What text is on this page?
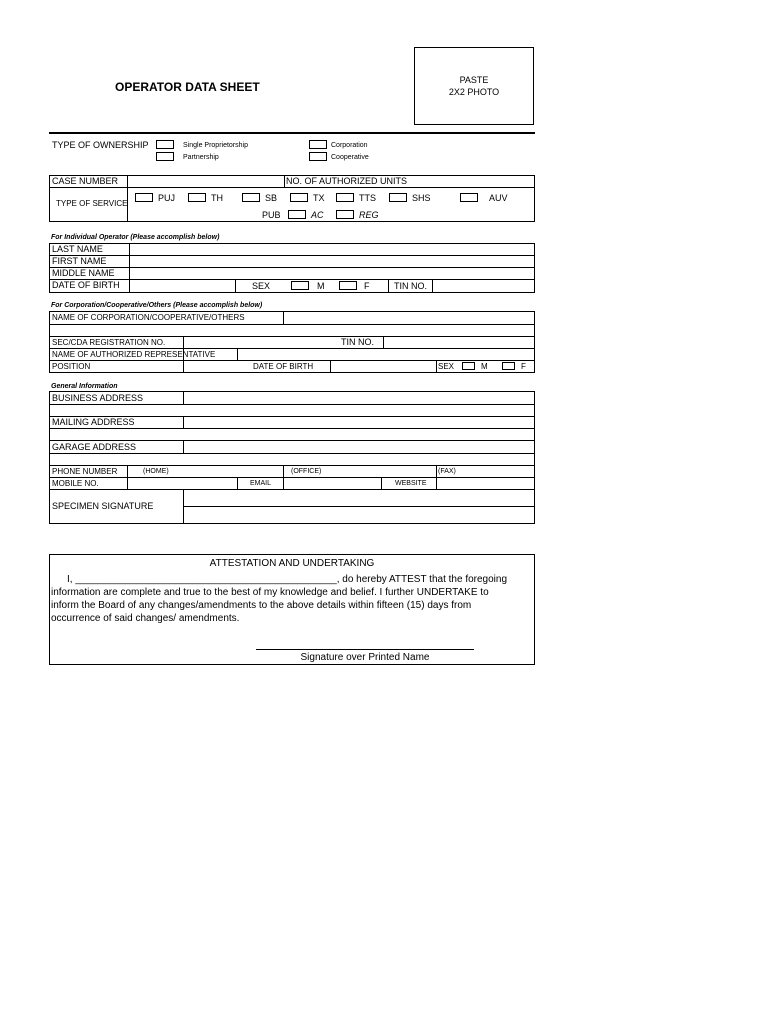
OPERATOR DATA SHEET	PASTE
2X2 PHOTO
TYPE OF OWNERSHIP	Single Proprietorship
Partnership
Corporation
Cooperative
CASE NUMBER	NO. OF AUTHORIZED UNITS
TYPE OF SERVICE
PUJ	TH	SB	TX	TTS	SHS	AUV
PUB	AC	REG
For Individual Operator (Please accomplish below)
LAST NAME
FIRST NAME
MIDDLE NAME
DATE OF BIRTH	SEX	M	F	TIN NO.
For Corporation/Cooperative/Others (Please accomplish below)
NAME OF CORPORATION/COOPERATIVE/OTHERS
SEC/CDA REGISTRATION NO.	TIN NO.
NAME OF AUTHORIZED REPRESENTATIVE
POSITION	DATE OF BIRTH	SEX	M	F
General Information
BUSINESS ADDRESS
MAILING ADDRESS
GARAGE ADDRESS
PHONE NUMBER	(HOME)	(OFFICE)	(FAX)
MOBILE NO.	EMAIL	WEBSITE
SPECIMEN SIGNATURE
ATTESTATION AND UNDERTAKING
I, _______________________________________________, do hereby ATTEST that the foregoing
information are complete and true to the best of my knowledge and belief. I further UNDERTAKE to
inform the Board of any changes/amendments to the above details within fifteen (15) days from
occurrence of said changes/ amendments.
Signature over Printed Name
